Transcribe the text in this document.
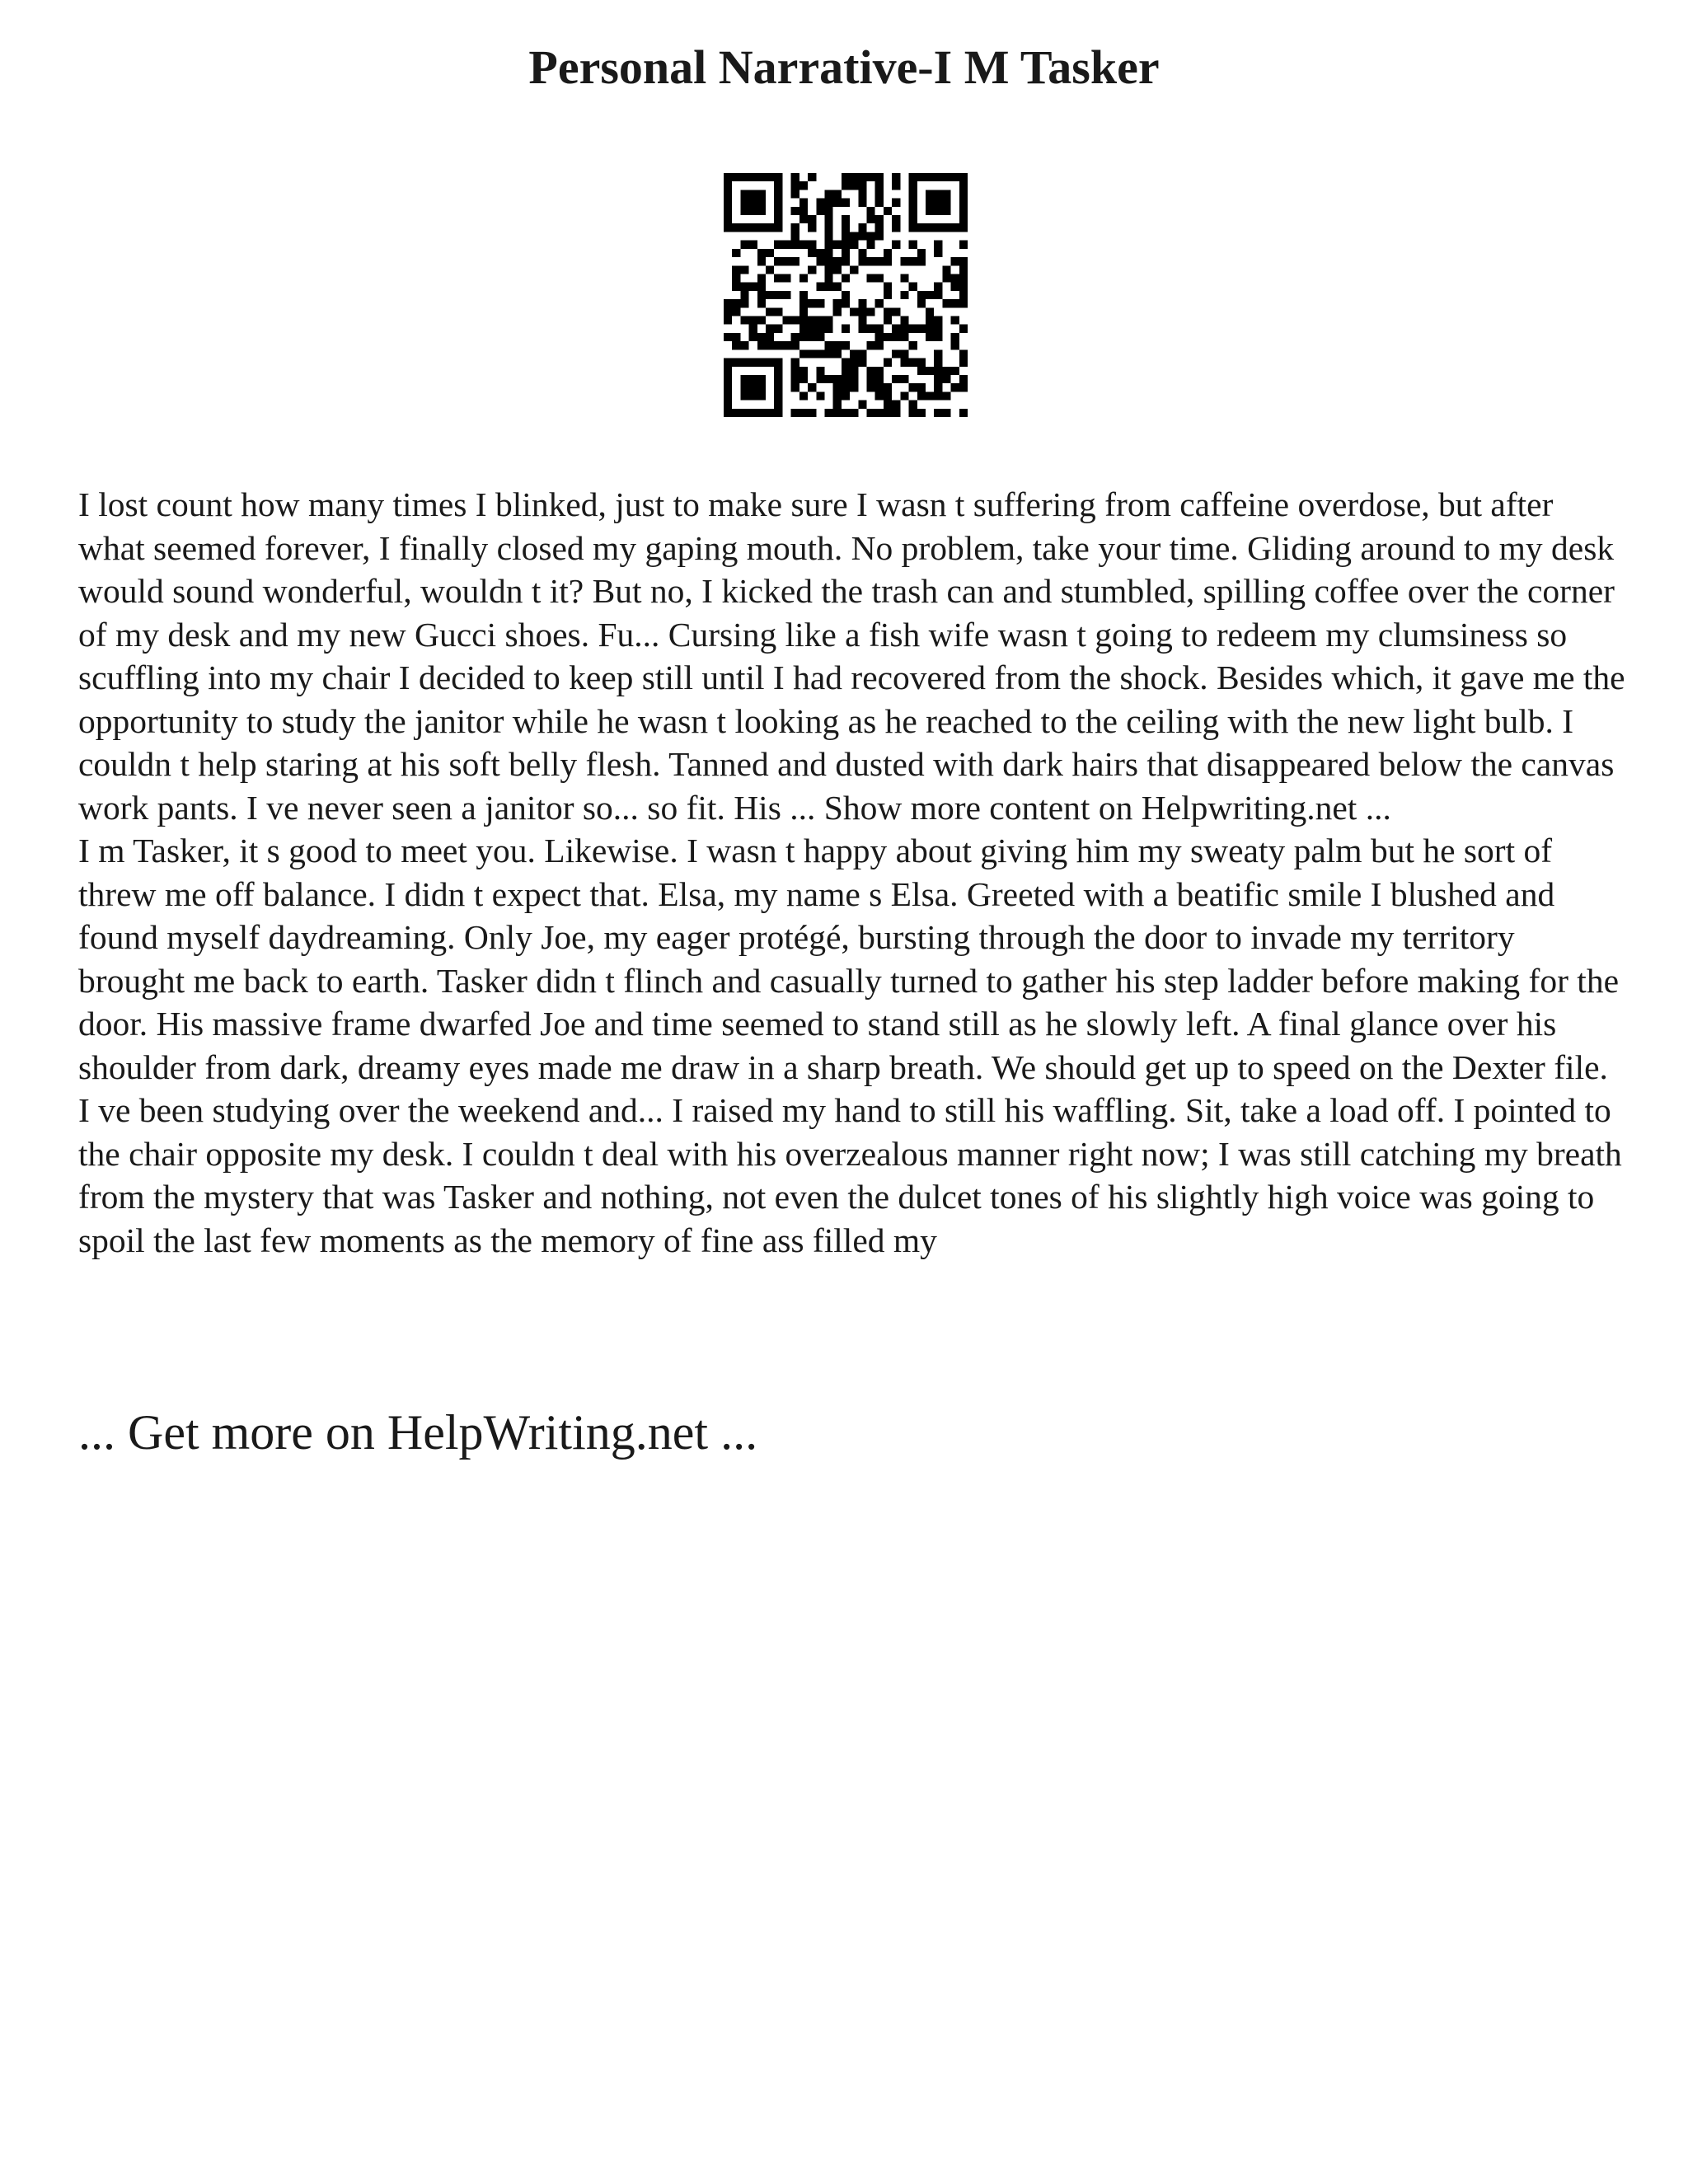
Personal Narrative-I M Tasker

I lost count how many times I blinked, just to make sure I wasn t suffering from caffeine overdose, but after what seemed forever, I finally closed my gaping mouth. No problem, take your time. Gliding around to my desk would sound wonderful, wouldn t it? But no, I kicked the trash can and stumbled, spilling coffee over the corner of my desk and my new Gucci shoes. Fu... Cursing like a fish wife wasn t going to redeem my clumsiness so scuffling into my chair I decided to keep still until I had recovered from the shock. Besides which, it gave me the opportunity to study the janitor while he wasn t looking as he reached to the ceiling with the new light bulb. I couldn t help staring at his soft belly flesh. Tanned and dusted with dark hairs that disappeared below the canvas work pants. I ve never seen a janitor so... so fit. His ... Show more content on Helpwriting.net ...

I m Tasker, it s good to meet you. Likewise. I wasn t happy about giving him my sweaty palm but he sort of threw me off balance. I didn t expect that. Elsa, my name s Elsa. Greeted with a beatific smile I blushed and found myself daydreaming. Only Joe, my eager protégé, bursting through the door to invade my territory brought me back to earth. Tasker didn t flinch and casually turned to gather his step ladder before making for the door. His massive frame dwarfed Joe and time seemed to stand still as he slowly left. A final glance over his shoulder from dark, dreamy eyes made me draw in a sharp breath. We should get up to speed on the Dexter file. I ve been studying over the weekend and... I raised my hand to still his waffling. Sit, take a load off. I pointed to the chair opposite my desk. I couldn t deal with his overzealous manner right now; I was still catching my breath from the mystery that was Tasker and nothing, not even the dulcet tones of his slightly high voice was going to spoil the last few moments as the memory of fine ass filled my

... Get more on HelpWriting.net ...
